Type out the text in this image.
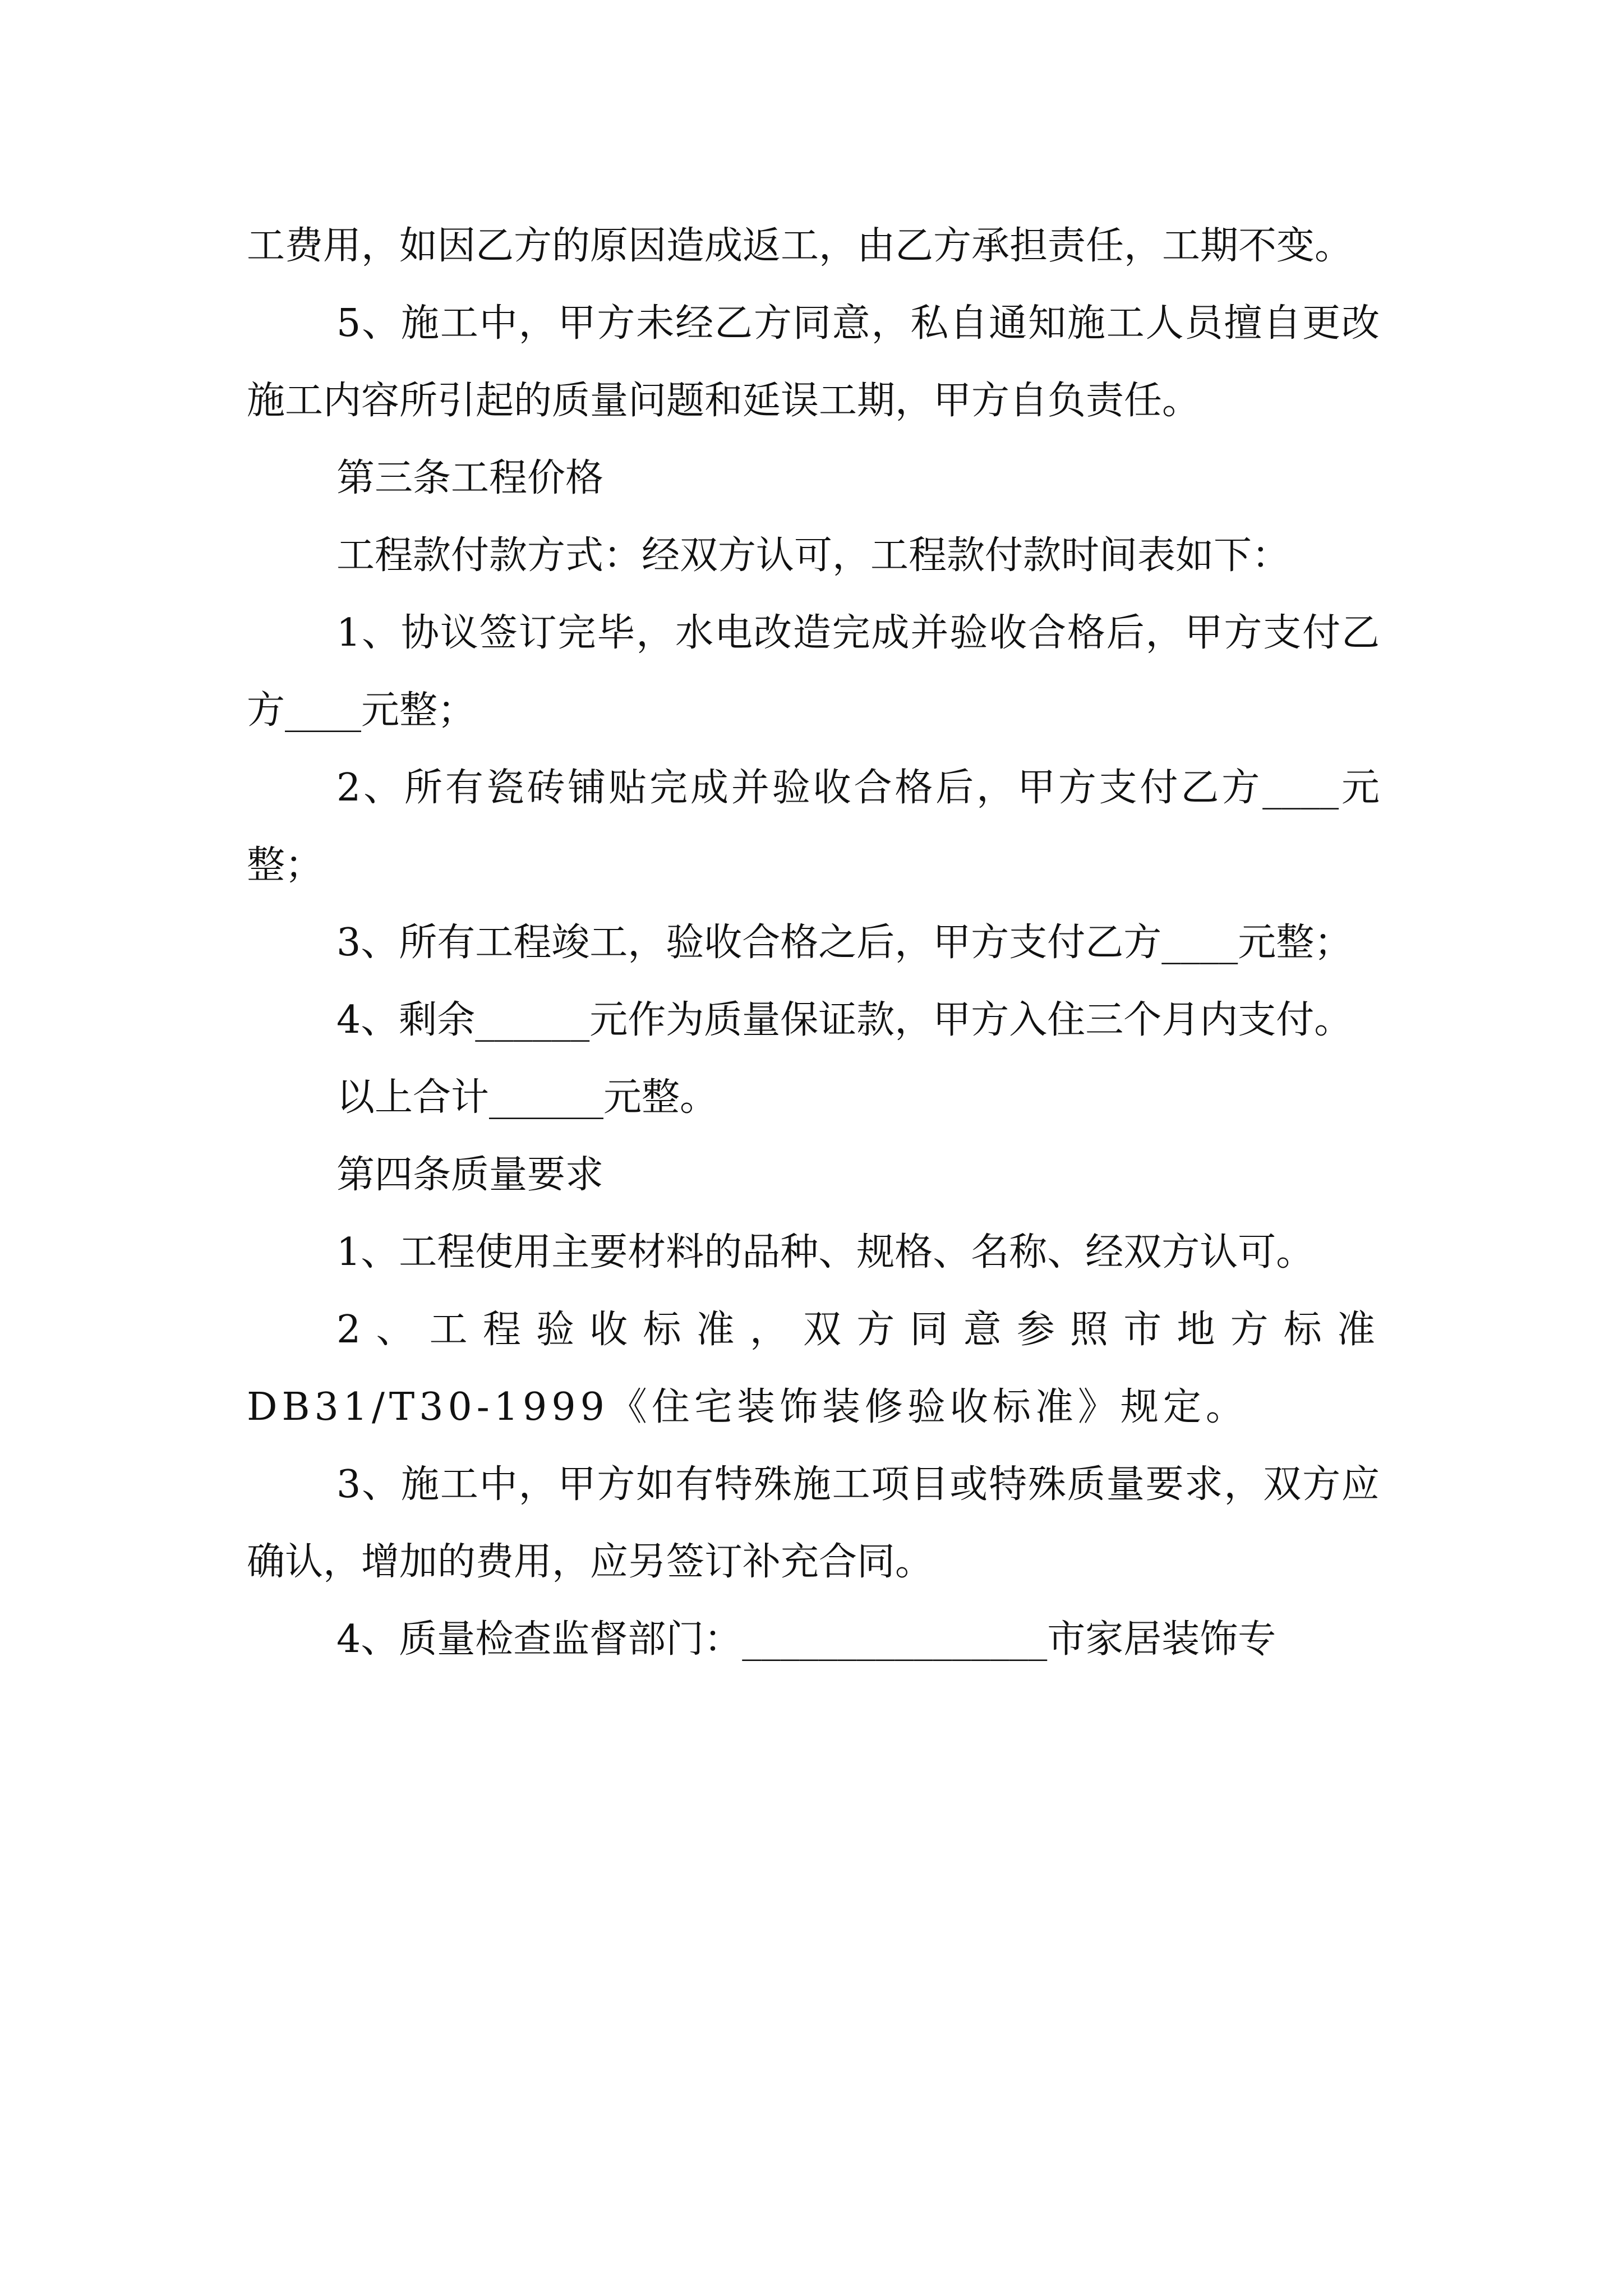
工费用，如因乙方的原因造成返工，由乙方承担责任，工期不变。

5、施工中，甲方未经乙方同意，私自通知施工人员擅自更改施工内容所引起的质量问题和延误工期，甲方自负责任。

第三条工程价格

工程款付款方式：经双方认可，工程款付款时间表如下：

1、协议签订完毕，水电改造完成并验收合格后，甲方支付乙方____元整；

2、所有瓷砖铺贴完成并验收合格后，甲方支付乙方____元整；

3、所有工程竣工，验收合格之后，甲方支付乙方____元整；

4、剩余______元作为质量保证款，甲方入住三个月内支付。

以上合计______元整。

第四条质量要求

1、工程使用主要材料的品种、规格、名称、经双方认可。

2、工程验收标准，双方同意参照市地方标准DB31/T30-1999《住宅装饰装修验收标准》规定。

3、施工中，甲方如有特殊施工项目或特殊质量要求，双方应确认，增加的费用，应另签订补充合同。

4、质量检查监督部门：________________市家居装饰专
